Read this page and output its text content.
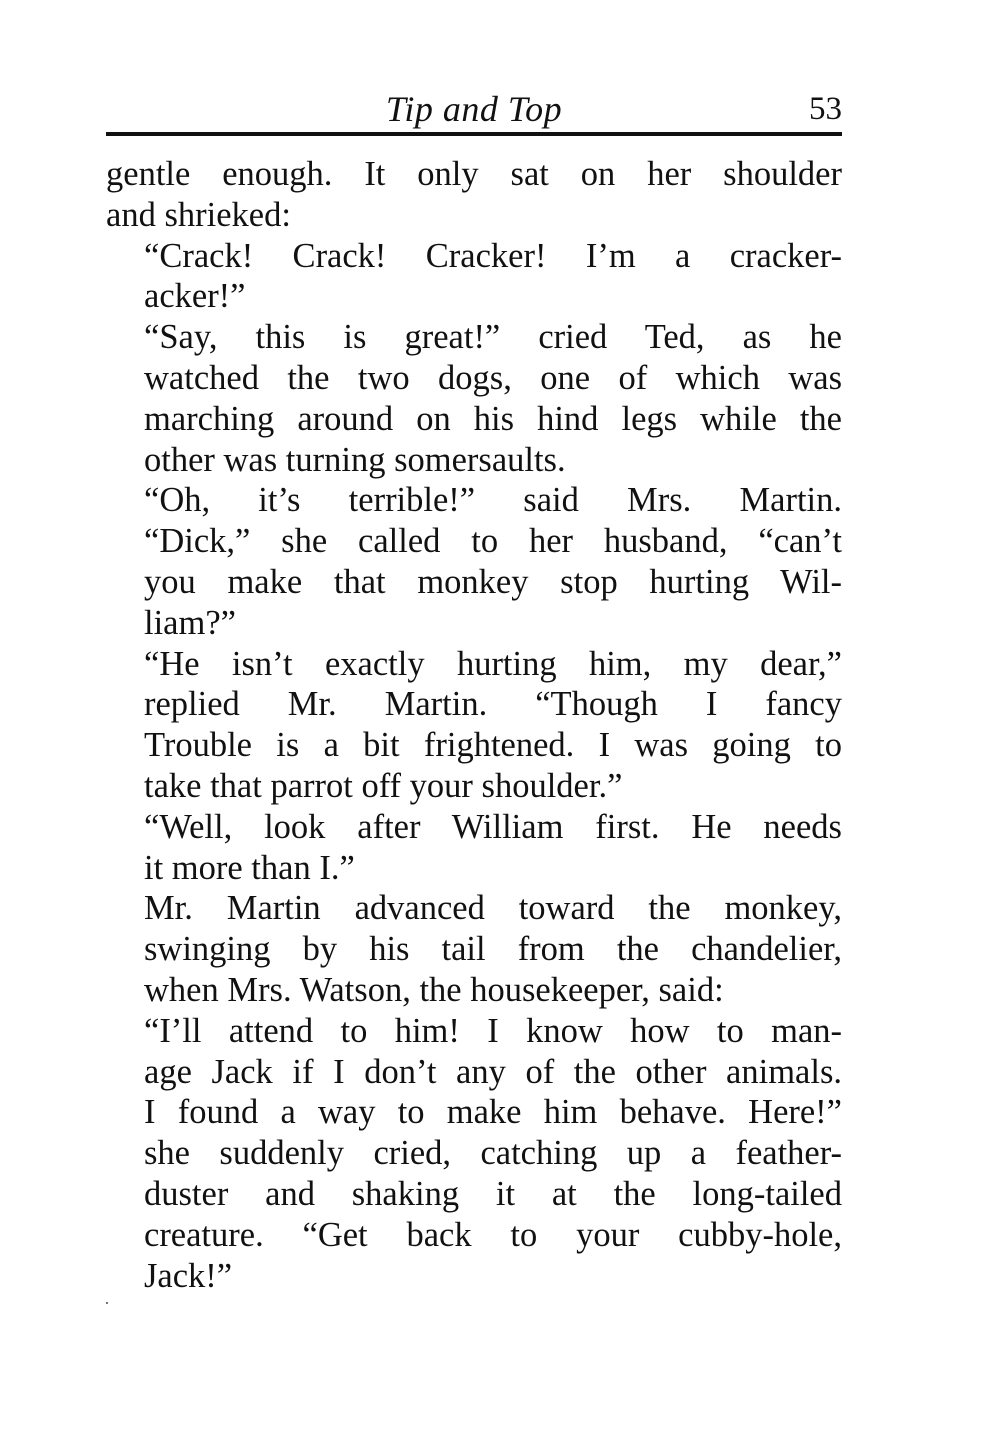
Tip and Top	53
gentle enough. It only sat on her shoulder
and shrieked:
“Crack! Crack! Cracker! I’m a cracker-
acker!”
“Say, this is great!” cried Ted, as he
watched the two dogs, one of which was
marching around on his hind legs while the
other was turning somersaults.
“Oh, it’s terrible!” said Mrs. Martin.
“Dick,” she called to her husband, “can’t
you make that monkey stop hurting Wil-
liam?”
“He isn’t exactly hurting him, my dear,”
replied Mr. Martin. “Though I fancy
Trouble is a bit frightened. I was going to
take that parrot off your shoulder.”
“Well, look after William first. He needs
it more than I.”
Mr. Martin advanced toward the monkey,
swinging by his tail from the chandelier,
when Mrs. Watson, the housekeeper, said:
“I’ll attend to him! I know how to man-
age Jack if I don’t any of the other animals.
I found a way to make him behave. Here!”
she suddenly cried, catching up a feather-
duster and shaking it at the long-tailed
creature. “Get back to your cubby-hole,
Jack!”
